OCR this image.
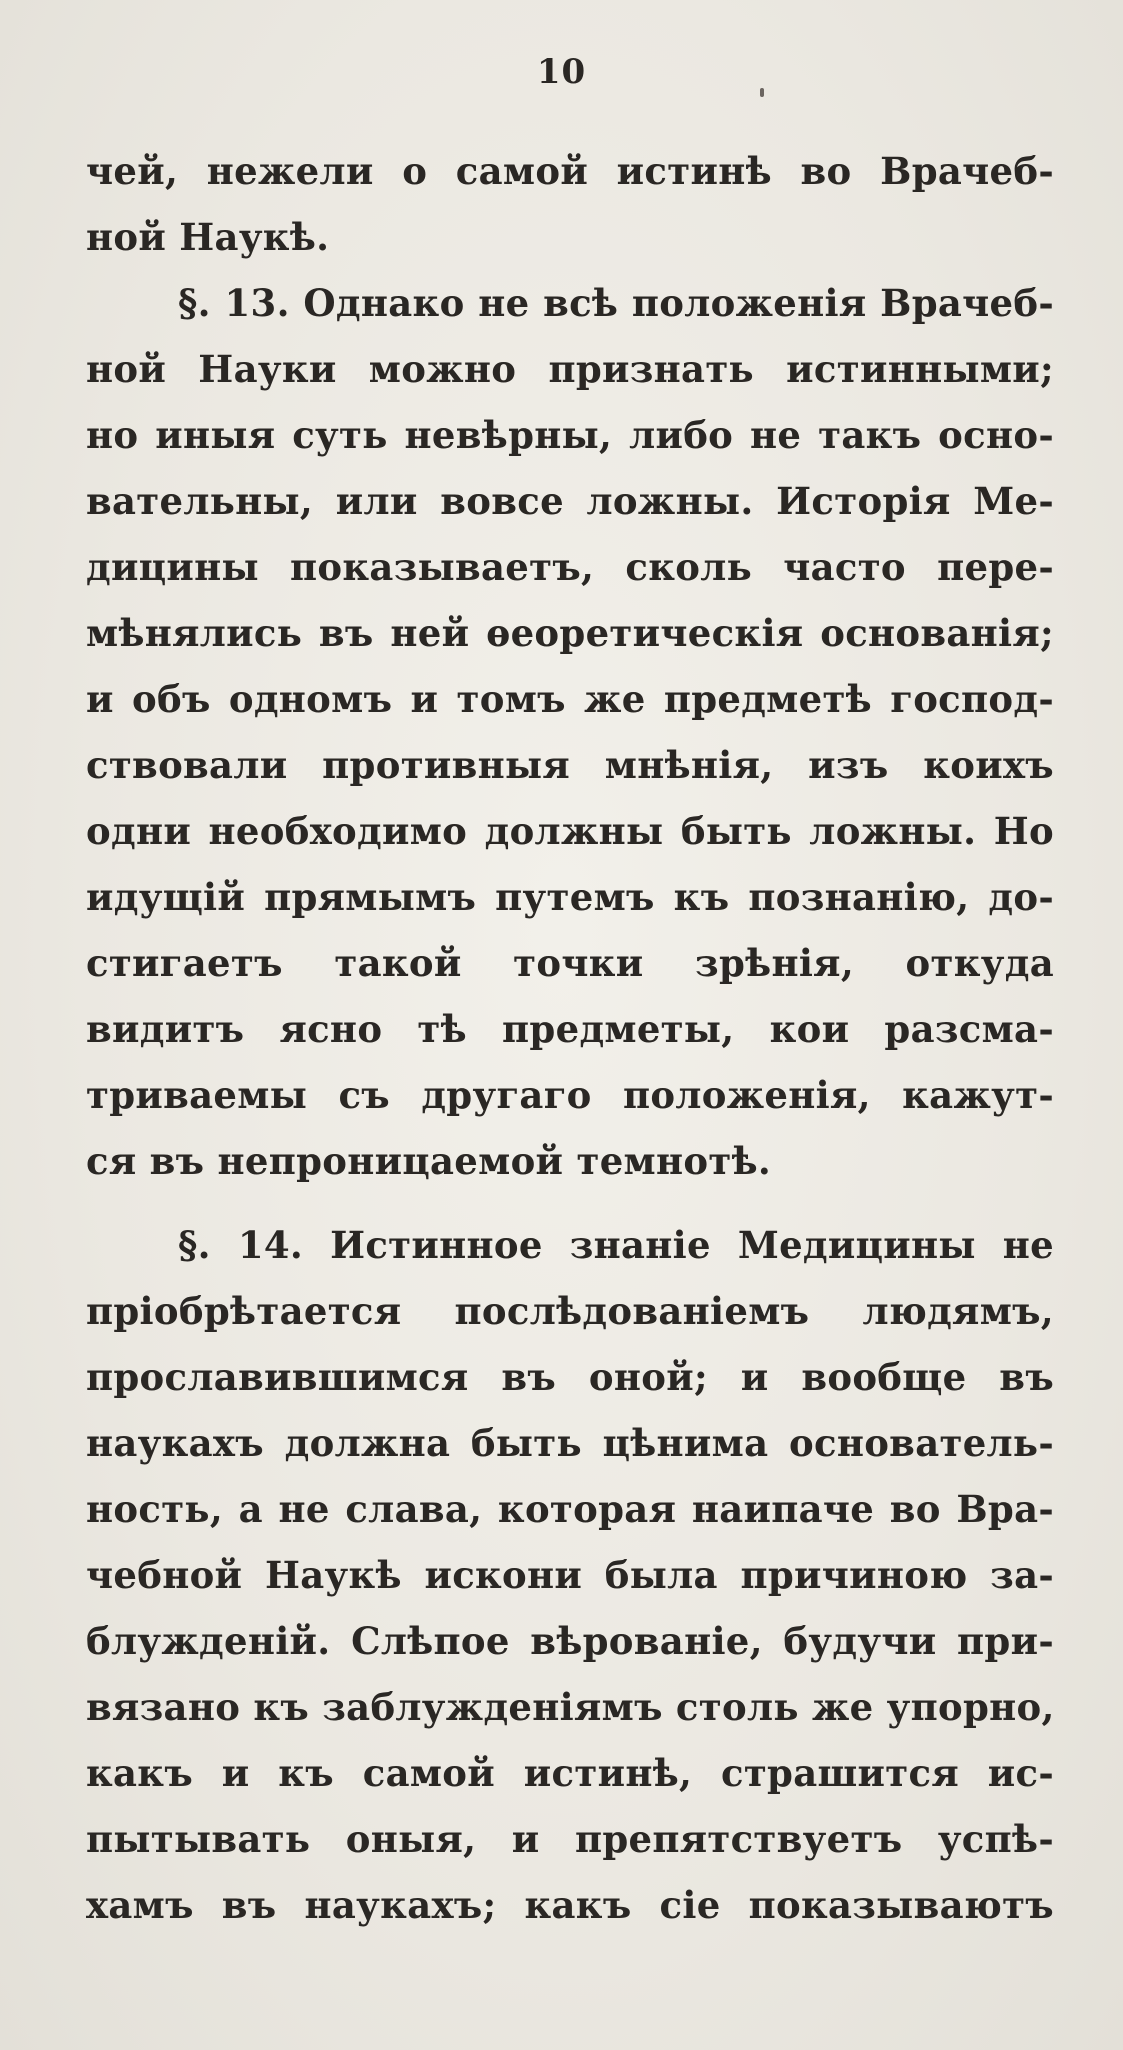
10
чей, нежели о самой истинѣ во Врачеб-
ной Наукѣ.
§. 13. Однако не всѣ положенія Врачеб-
ной Науки можно признать истинными;
но иныя суть невѣрны, либо не такъ осно-
вательны, или вовсе ложны. Исторія Ме-
дицины показываетъ, сколь часто пере-
мѣнялись въ ней ѳеоретическія основанія;
и объ одномъ и томъ же предметѣ господ-
ствовали противныя мнѣнія, изъ коихъ
одни необходимо должны быть ложны. Но
идущій прямымъ путемъ къ познанію, до-
стигаетъ такой точки зрѣнія, откуда
видитъ ясно тѣ предметы, кои разсма-
триваемы съ другаго положенія, кажут-
ся въ непроницаемой темнотѣ.
§. 14. Истинное знаніе Медицины не
пріобрѣтается послѣдованіемъ людямъ,
прославившимся въ оной; и вообще въ
наукахъ должна быть цѣнима основатель-
ность, а не слава, которая наипаче во Вра-
чебной Наукѣ искони была причиною за-
блужденій. Слѣпое вѣрованіе, будучи при-
вязано къ заблужденіямъ столь же упорно,
какъ и къ самой истинѣ, страшится ис-
пытывать оныя, и препятствуетъ успѣ-
хамъ въ наукахъ; какъ сіе показываютъ
